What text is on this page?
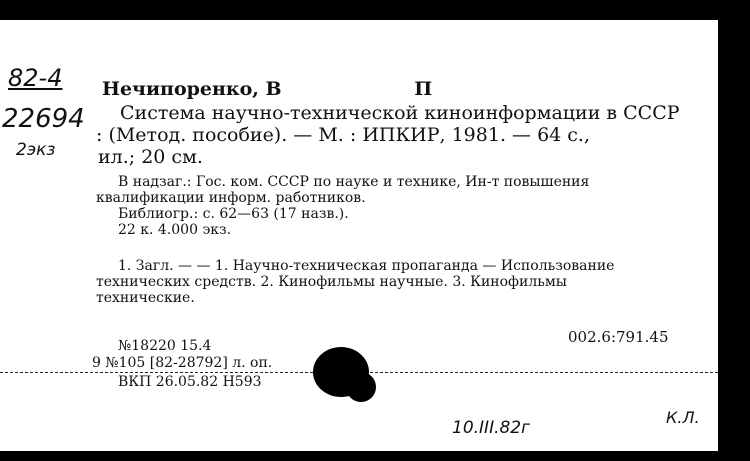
82-4
22694
2экз
Нечипоренко, В	П
Система научно-технической киноинформации в СССР
: (Метод. пособие). — М. : ИПКИР, 1981. — 64 с.,
ил.; 20 см.
В надзаг.: Гос. ком. СССР по науке и технике, Ин-т повышения
квалификации информ. работников.
Библиогр.: с. 62—63 (17 назв.).
22 к. 4.000 экз.
1. Загл. — — 1. Научно-техническая пропаганда — Использование
технических средств. 2. Кинофильмы научные. 3. Кинофильмы
технические.
002.6:791.45
№18220 15.4
9 №105 [82-28792] л. оп.
ВКП 26.05.82 Н593
10.III.82г
К.Л.
